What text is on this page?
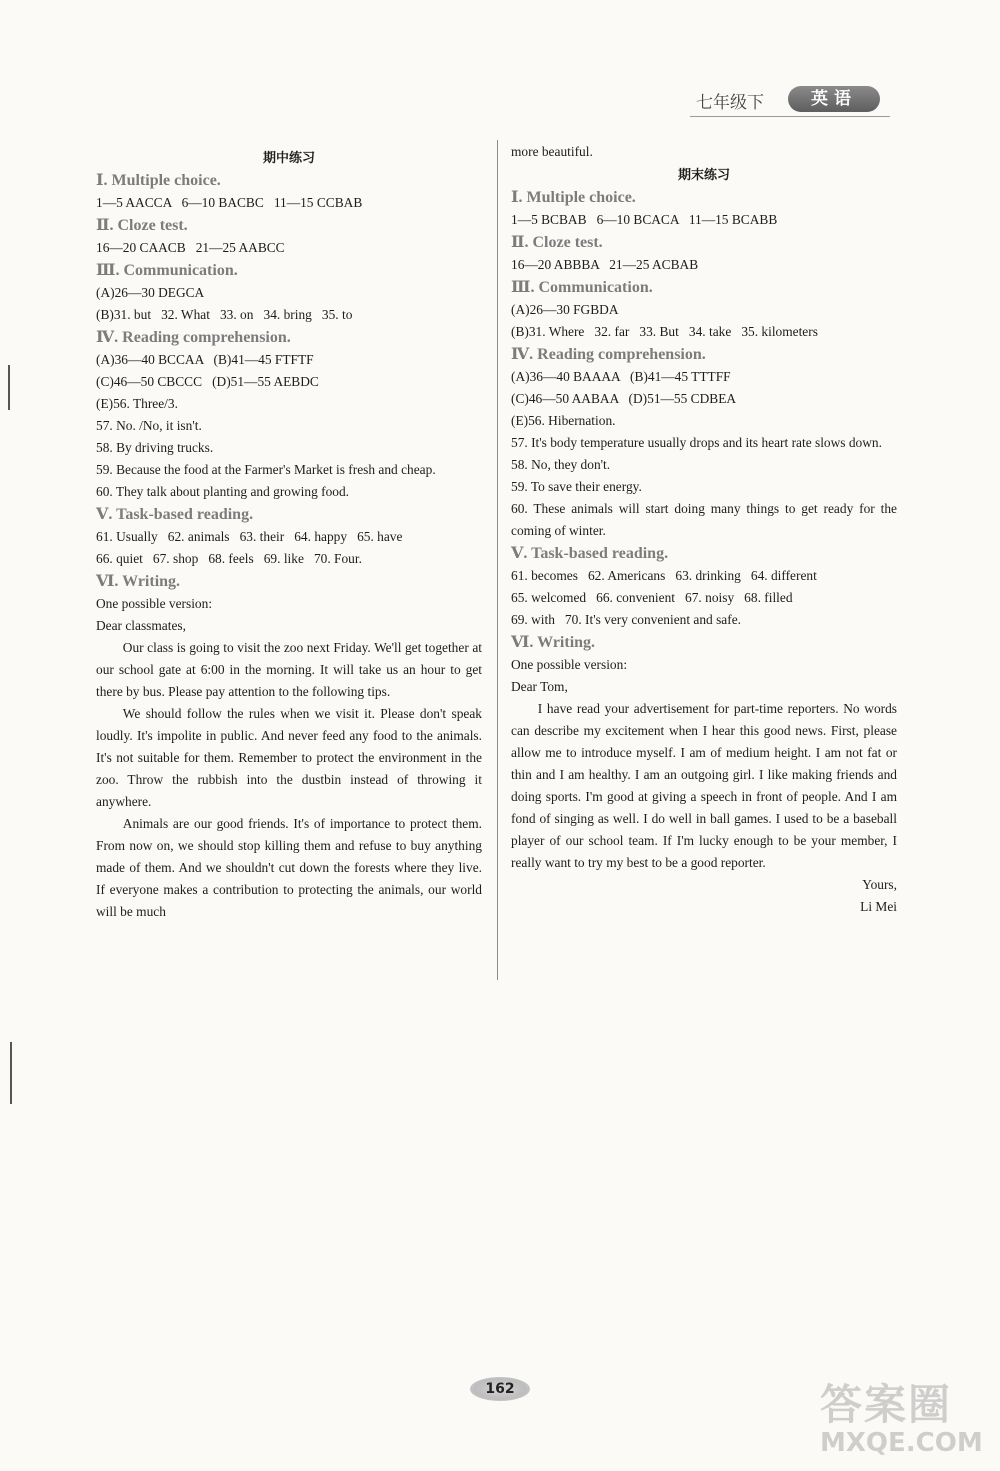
七年级下	英语
期中练习
Ⅰ. Multiple choice.
1—5 AACCA   6—10 BACBC   11—15 CCBAB
Ⅱ. Cloze test.
16—20 CAACB   21—25 AABCC
Ⅲ. Communication.
(A)26—30 DEGCA
(B)31. but   32. What   33. on   34. bring   35. to
Ⅳ. Reading comprehension.
(A)36—40 BCCAA   (B)41—45 FTFTF
(C)46—50 CBCCC   (D)51—55 AEBDC
(E)56. Three/3.
57. No. /No, it isn't.
58. By driving trucks.
59. Because the food at the Farmer's Market is fresh and cheap.
60. They talk about planting and growing food.
Ⅴ. Task-based reading.
61. Usually   62. animals   63. their   64. happy   65. have
66. quiet   67. shop   68. feels   69. like   70. Four.
Ⅵ. Writing.
One possible version:
Dear classmates,
Our class is going to visit the zoo next Friday. We'll get together at our school gate at 6:00 in the morning. It will take us an hour to get there by bus. Please pay attention to the following tips.
We should follow the rules when we visit it. Please don't speak loudly. It's impolite in public. And never feed any food to the animals. It's not suitable for them. Remember to protect the environment in the zoo. Throw the rubbish into the dustbin instead of throwing it anywhere.
Animals are our good friends. It's of importance to protect them. From now on, we should stop killing them and refuse to buy anything made of them. And we shouldn't cut down the forests where they live. If everyone makes a contribution to protecting the animals, our world will be much
more beautiful.
期末练习
Ⅰ. Multiple choice.
1—5 BCBAB   6—10 BCACA   11—15 BCABB
Ⅱ. Cloze test.
16—20 ABBBA   21—25 ACBAB
Ⅲ. Communication.
(A)26—30 FGBDA
(B)31. Where   32. far   33. But   34. take   35. kilometers
Ⅳ. Reading comprehension.
(A)36—40 BAAAA   (B)41—45 TTTFF
(C)46—50 AABAA   (D)51—55 CDBEA
(E)56. Hibernation.
57. It's body temperature usually drops and its heart rate slows down.
58. No, they don't.
59. To save their energy.
60. These animals will start doing many things to get ready for the coming of winter.
Ⅴ. Task-based reading.
61. becomes   62. Americans   63. drinking   64. different
65. welcomed   66. convenient   67. noisy   68. filled
69. with   70. It's very convenient and safe.
Ⅵ. Writing.
One possible version:
Dear Tom,
I have read your advertisement for part-time reporters. No words can describe my excitement when I hear this good news. First, please allow me to introduce myself. I am of medium height. I am not fat or thin and I am healthy. I am an outgoing girl. I like making friends and doing sports. I'm good at giving a speech in front of people. And I am fond of singing as well. I do well in ball games. I used to be a baseball player of our school team. If I'm lucky enough to be your member, I really want to try my best to be a good reporter.
Yours,
Li Mei
162	答案圈
MXQE.COM
